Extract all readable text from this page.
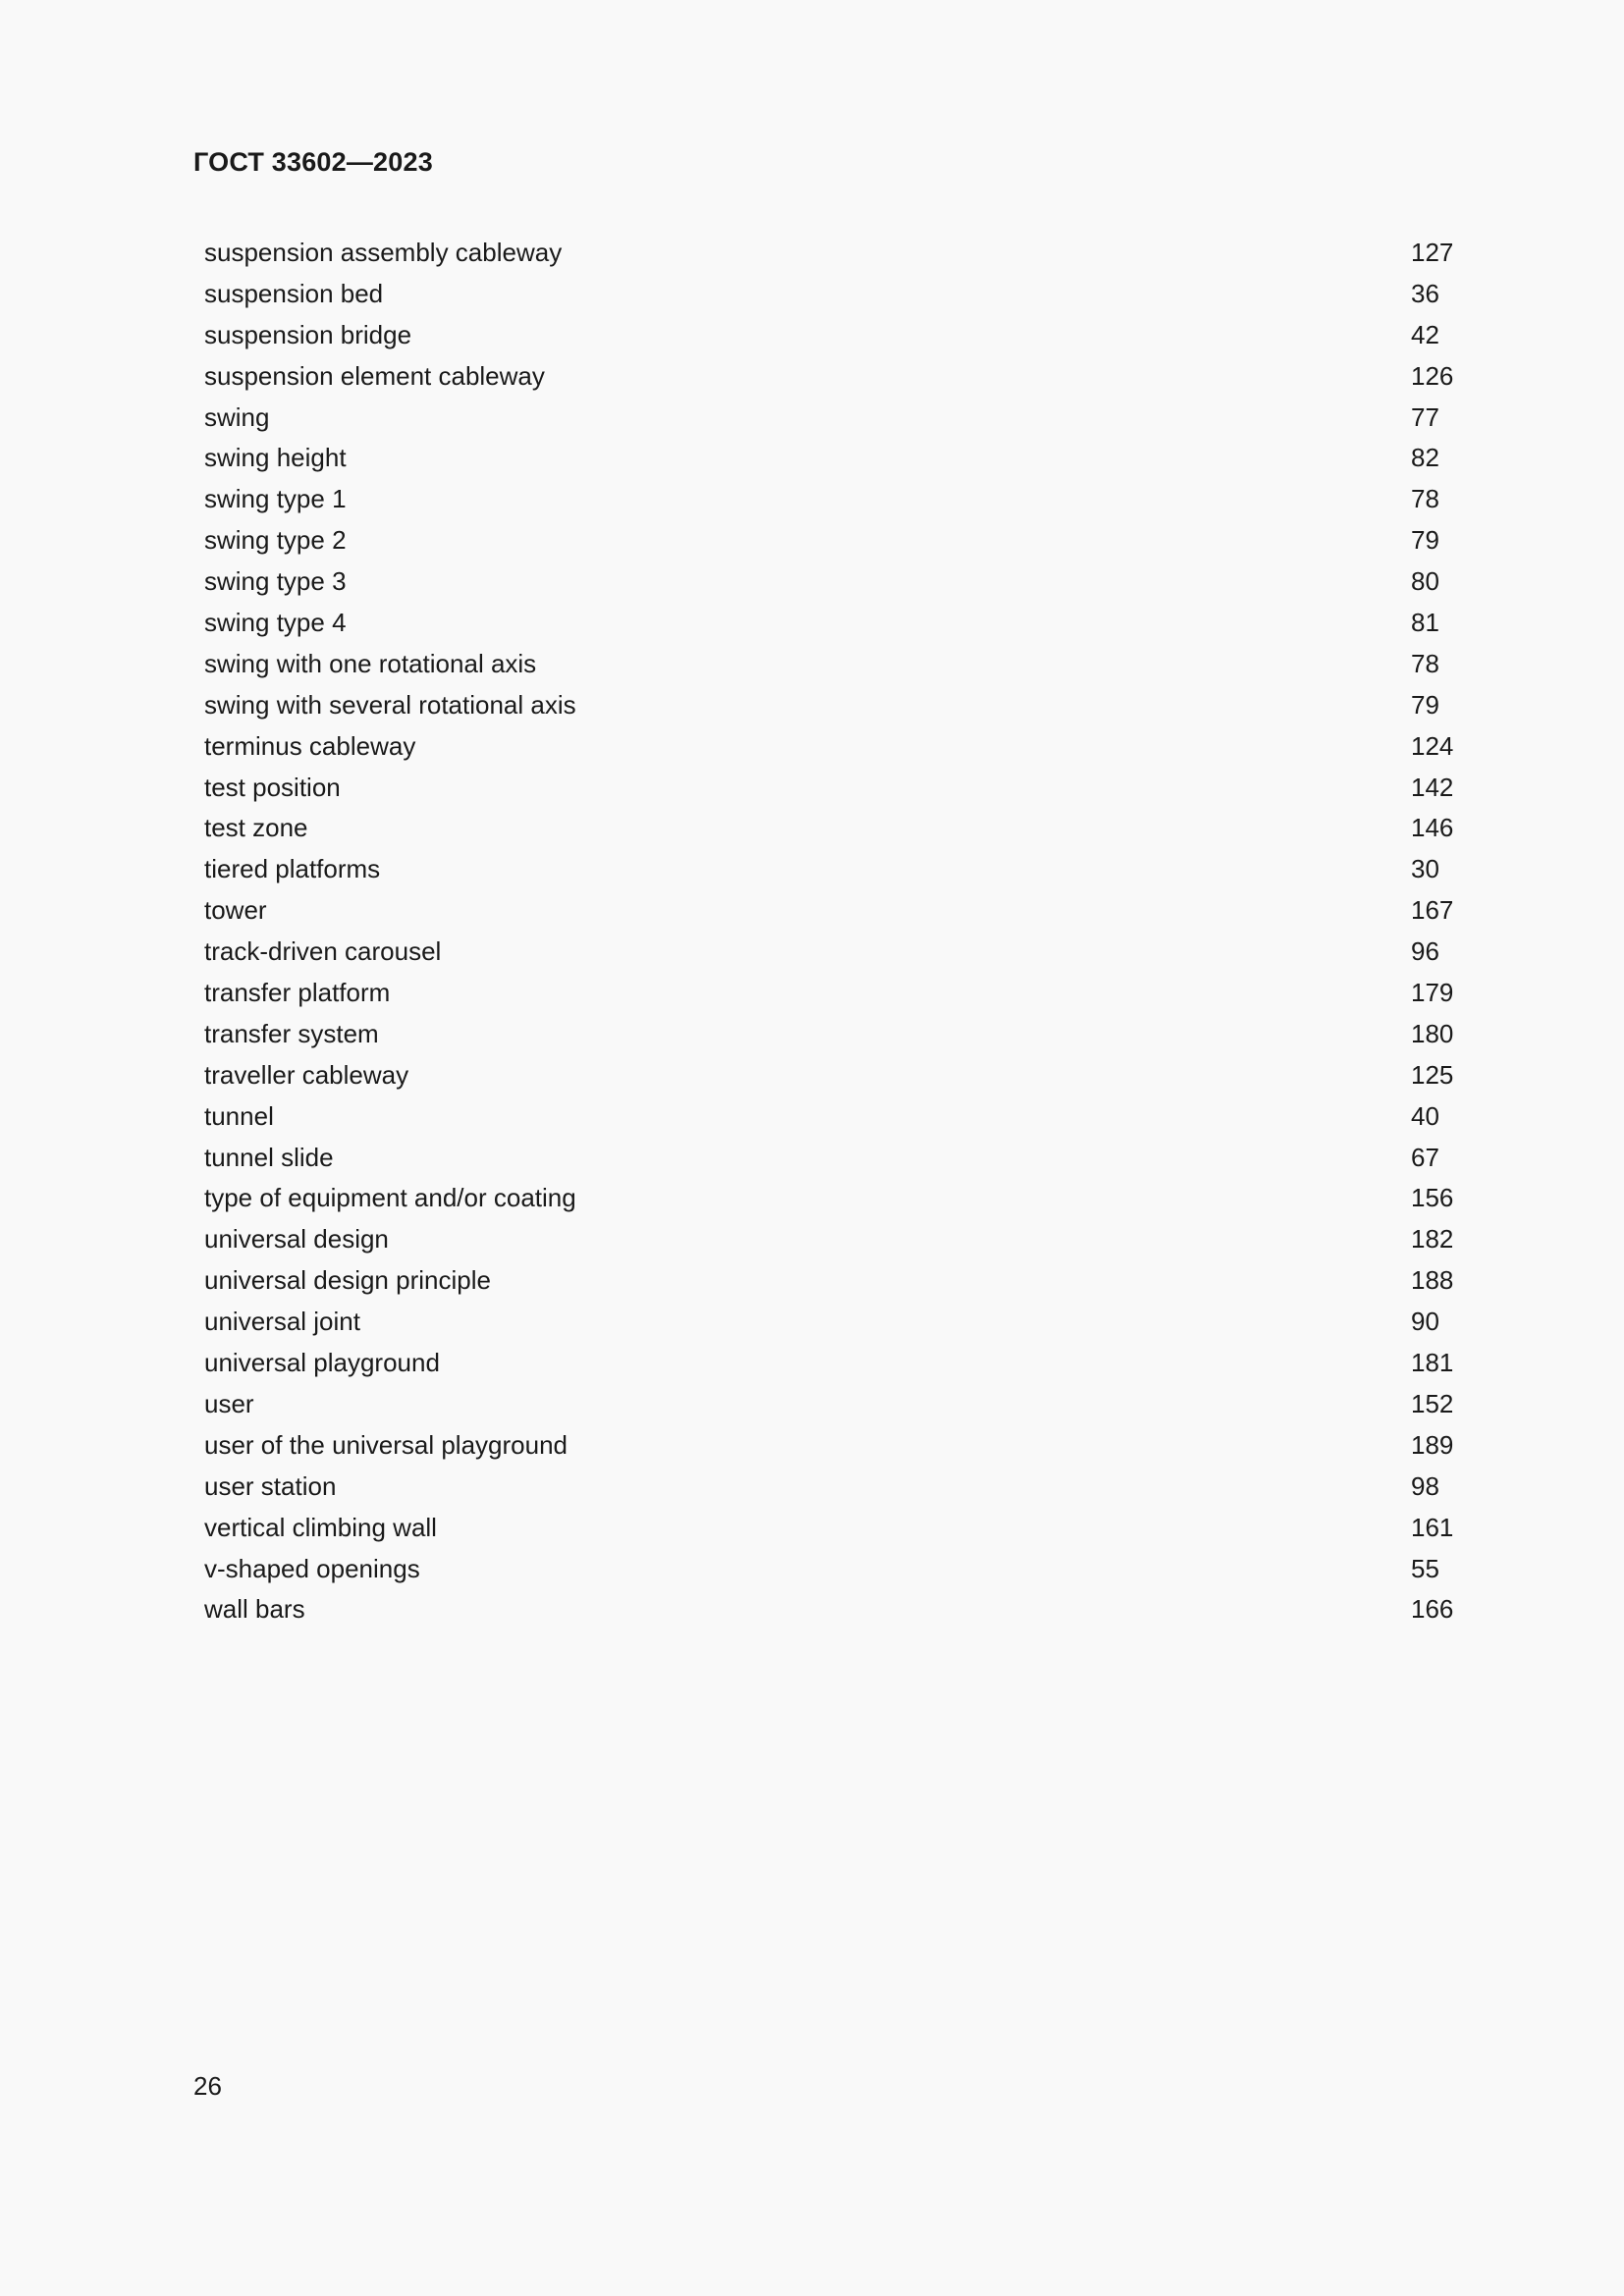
ГОСТ 33602—2023
suspension assembly cableway	127
suspension bed	36
suspension bridge	42
suspension element cableway	126
swing	77
swing height	82
swing type 1	78
swing type 2	79
swing type 3	80
swing type 4	81
swing with one rotational axis	78
swing with several rotational axis	79
terminus cableway	124
test position	142
test zone	146
tiered platforms	30
tower	167
track-driven carousel	96
transfer platform	179
transfer system	180
traveller cableway	125
tunnel	40
tunnel slide	67
type of equipment and/or coating	156
universal design	182
universal design principle	188
universal joint	90
universal playground	181
user	152
user of the universal playground	189
user station	98
vertical climbing wall	161
v-shaped openings	55
wall bars	166
26
